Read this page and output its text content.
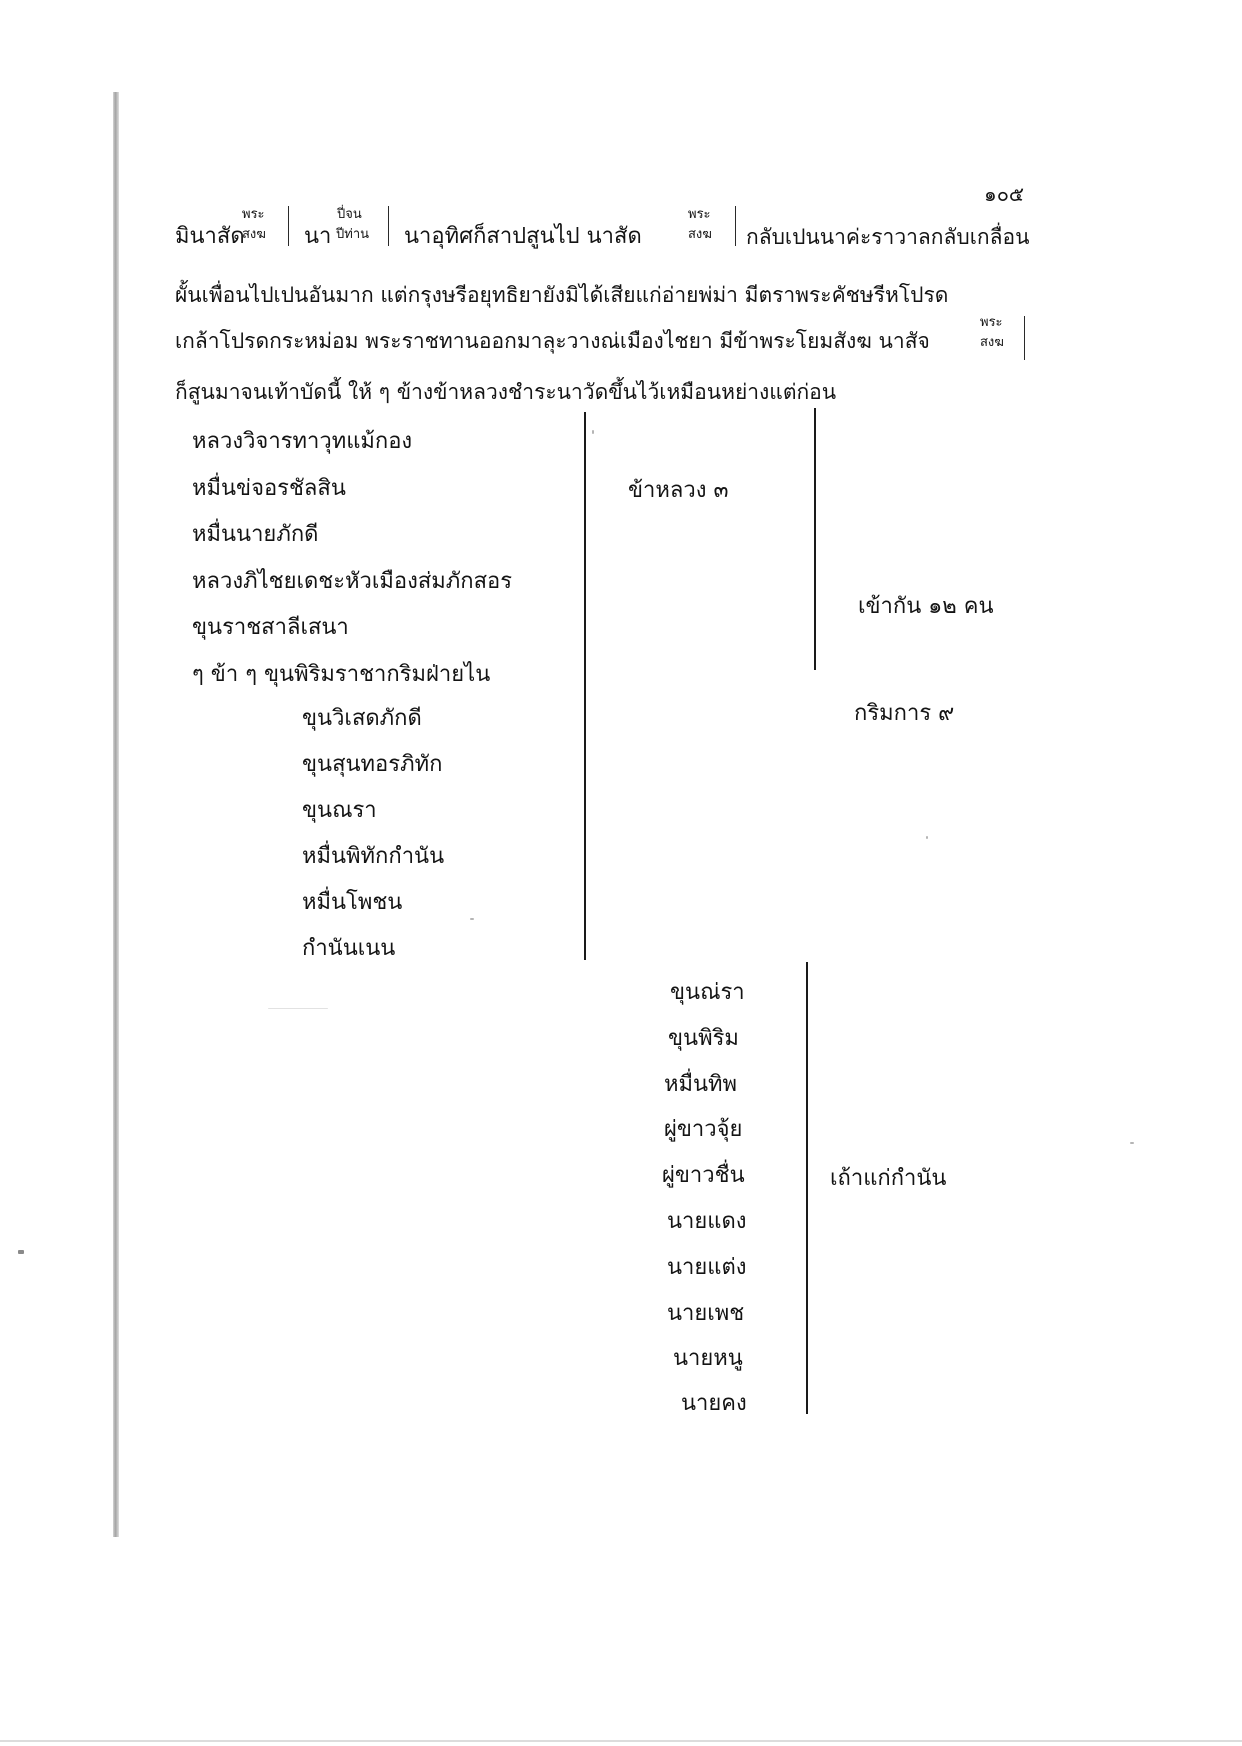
๑๐๕
มินาสัด
พระ
สงฆ นา
ปี่จน
ปีท่าน นาอุทิศก็สาปสูนไป นาสัด
พระ
สงฆ กลับเปนนาค่ะราวาลกลับเกลื่อน
ผั้นเพื่อนไปเปนอันมาก แต่กรุงษรีอยุทธิยายังมิได้เสียแก่อ่ายพ่ม่า มีตราพระคัชษรีหโปรด
เกล้าโปรดกระหม่อม พระราชทานออกมาลุะวางณ่เมืองไชยา มีข้าพระโยมสังฆ นาสัจ
พระ
สงฆ
ก็สูนมาจนเท้าบัดนี้ ให้ ๆ ข้างข้าหลวงชำระนาวัดขึ้นไว้เหมือนหย่างแต่ก่อน
หลวงวิจารทาวุทแม้กอง
หมื่นข่จอรชัลสิน
หมื่นนายภักดี
หลวงภิไชยเดชะหัวเมืองส่มภักสอร
ขุนราชสาลีเสนา
ๆ ข้า ๆ ขุนพิริมราชากริมฝ่ายไน
ขุนวิเสดภักดี
ขุนสุนทอรภิทัก
ขุนณรา
หมื่นพิทักกำนัน
หมื่นโพชน
กำนันเนน
ข้าหลวง ๓
เข้ากัน ๑๒ คน
กริมการ ๙
ขุนณ่รา
ขุนพิริม
หมื่นทิพ
ผู่ขาวจุ้ย
ผู่ขาวชื่น
นายแดง
นายแต่ง
นายเพช
นายหนู
นายคง
เถ้าแก่กำนัน
